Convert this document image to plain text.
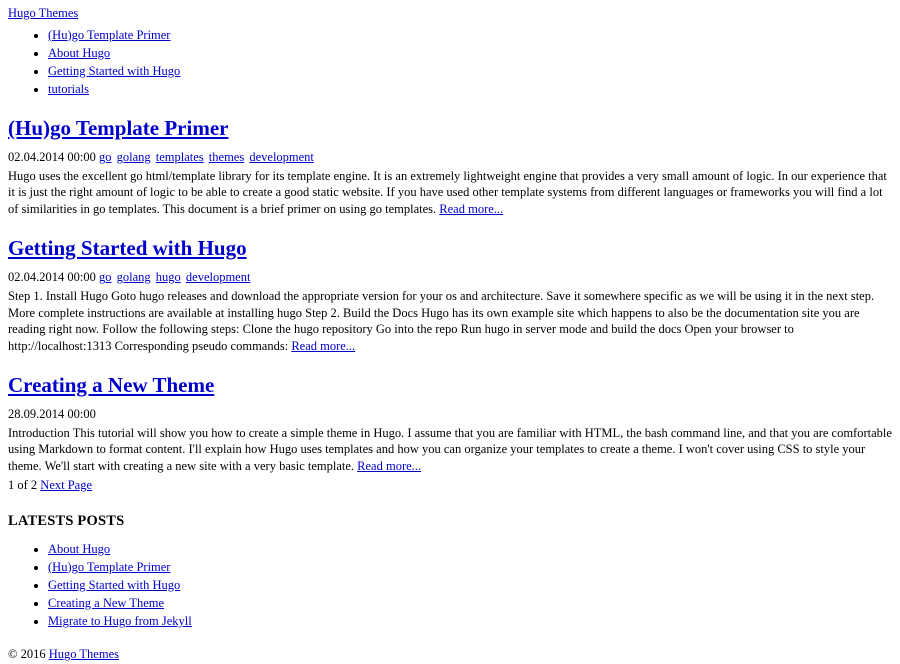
Hugo Themes

• (Hu)go Template Primer
• About Hugo
• Getting Started with Hugo
• tutorials
(Hu)go Template Primer

02.04.2014 00:00 go golang templates themes development

Hugo uses the excellent go html/template library for its template engine. It is an extremely lightweight engine that provides a very small amount of logic. In our experience that it is just the right amount of logic to be able to create a good static website. If you have used other template systems from different languages or frameworks you will find a lot of similarities in go templates. This document is a brief primer on using go templates. Read more...

Getting Started with Hugo

02.04.2014 00:00 go golang hugo development

Step 1. Install Hugo Goto hugo releases and download the appropriate version for your os and architecture. Save it somewhere specific as we will be using it in the next step. More complete instructions are available at installing hugo Step 2. Build the Docs Hugo has its own example site which happens to also be the documentation site you are reading right now. Follow the following steps: Clone the hugo repository Go into the repo Run hugo in server mode and build the docs Open your browser to http://localhost:1313 Corresponding pseudo commands: Read more...

Creating a New Theme

28.09.2014 00:00

Introduction This tutorial will show you how to create a simple theme in Hugo. I assume that you are familiar with HTML, the bash command line, and that you are comfortable using Markdown to format content. I'll explain how Hugo uses templates and how you can organize your templates to create a theme. I won't cover using CSS to style your theme. We'll start with creating a new site with a very basic template. Read more...

1 of 2 Next Page

LATESTS POSTS
• About Hugo
• (Hu)go Template Primer
• Getting Started with Hugo
• Creating a New Theme
• Migrate to Hugo from Jekyll

© 2016 Hugo Themes
